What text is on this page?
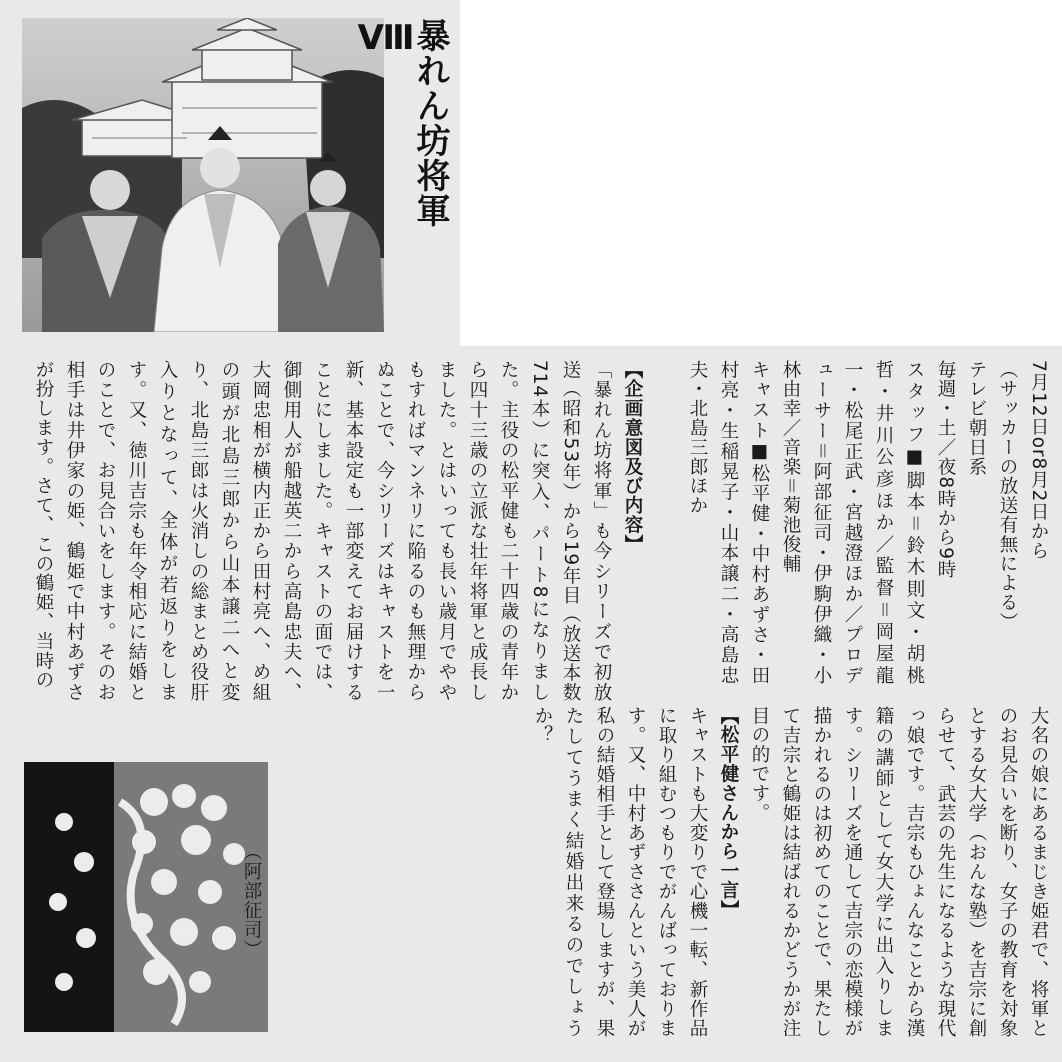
暴れん坊将軍Ⅷ

7月12日or8月2日から

（サッカーの放送有無による）

テレビ朝日系

毎週・土／夜8時から9時

スタッフ■脚本＝鈴木則文・胡桃哲・井川公彦ほか／監督＝岡屋龍一・松尾正武・宮越澄ほか／プロデューサー＝阿部征司・伊駒伊織・小林由幸／音楽＝菊池俊輔

キャスト■松平健・中村あずさ・田村亮・生稲晃子・山本譲二・高島忠夫・北島三郎ほか

【企画意図及び内容】

「暴れん坊将軍」も今シリーズで初放送（昭和53年）から19年目（放送本数714本）に突入、パート8になりました。主役の松平健も二十四歳の青年から四十三歳の立派な壮年将軍と成長しました。とはいっても長い歳月でややもすればマンネリに陥るのも無理からぬことで、今シリーズはキャストを一新、基本設定も一部変えてお届けすることにしました。キャストの面では、御側用人が船越英二から高島忠夫へ、大岡忠相が横内正から田村亮へ、め組の頭が北島三郎から山本譲二へと変り、北島三郎は火消しの総まとめ役肝入りとなって、全体が若返りをします。又、徳川吉宗も年令相応に結婚とのことで、お見合いをします。そのお相手は井伊家の姫、鶴姫で中村あずさが扮します。さて、この鶴姫、当時の

大名の娘にあるまじき姫君で、将軍とのお見合いを断り、女子の教育を対象とする女大学（おんな塾）を吉宗に創らせて、武芸の先生になるような現代っ娘です。吉宗もひょんなことから漢籍の講師として女大学に出入りします。シリーズを通して吉宗の恋模様が描かれるのは初めてのことで、果たして吉宗と鶴姫は結ばれるかどうかが注目の的です。

【松平健さんから一言】

キャストも大変りで心機一転、新作品に取り組むつもりでがんばっております。又、中村あずささんという美人が私の結婚相手として登場しますが、果たしてうまく結婚出来るのでしょうか？

（阿部征司）
